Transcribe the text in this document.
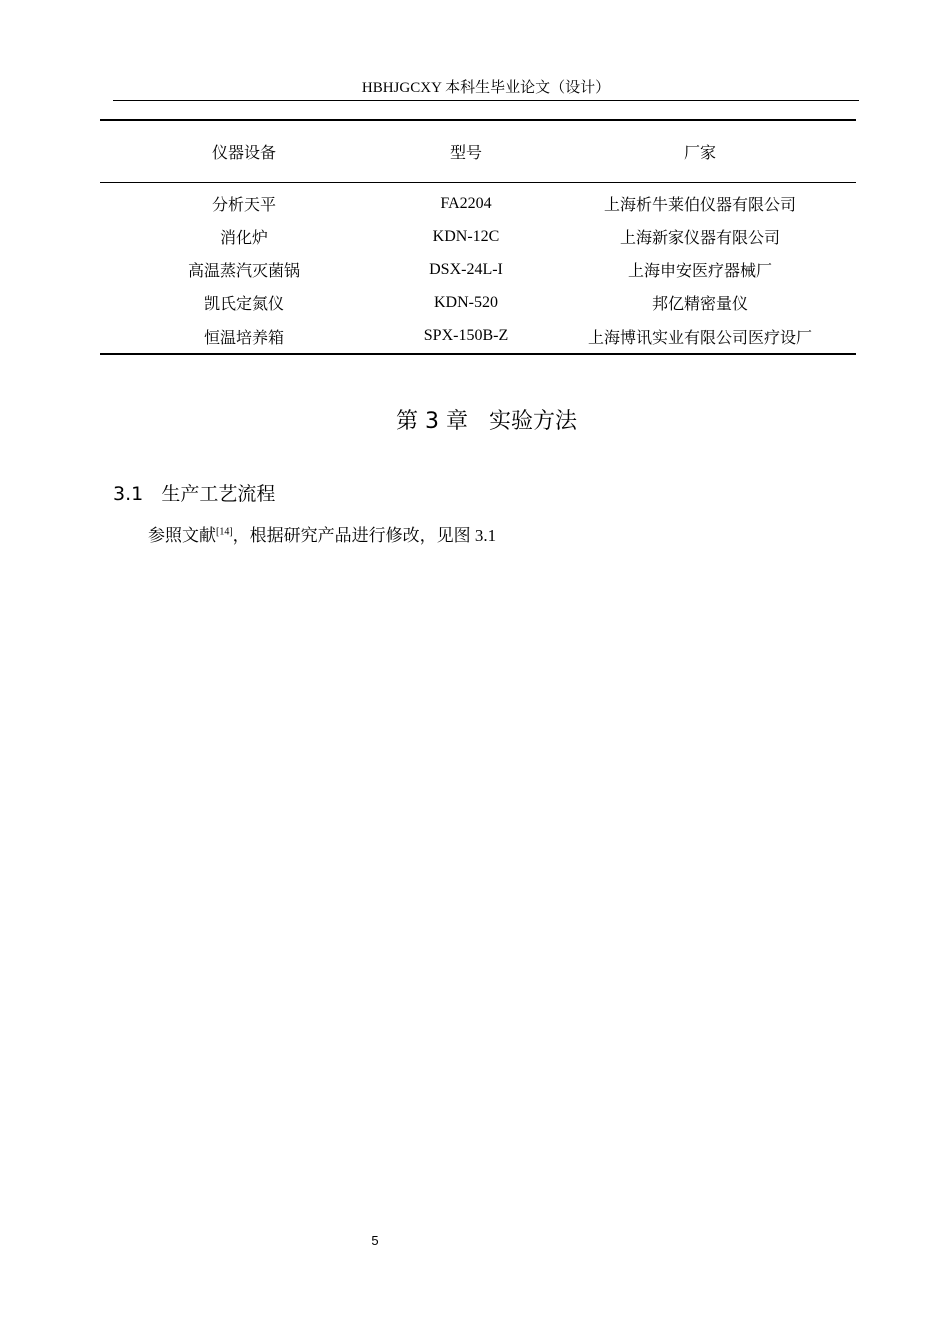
HBHJGCXY 本科生毕业论文（设计）
仪器设备	型号	厂家
分析天平	FA2204	上海析牛莱伯仪器有限公司
消化炉	KDN-12C	上海新家仪器有限公司
高温蒸汽灭菌锅	DSX-24L-I	上海申安医疗器械厂
凯氏定氮仪	KDN-520	邦亿精密量仪
恒温培养箱	SPX-150B-Z	上海博讯实业有限公司医疗设厂
第 3 章   实验方法
3.1   生产工艺流程
参照文献[14]，根据研究产品进行修改，见图 3.1
5
